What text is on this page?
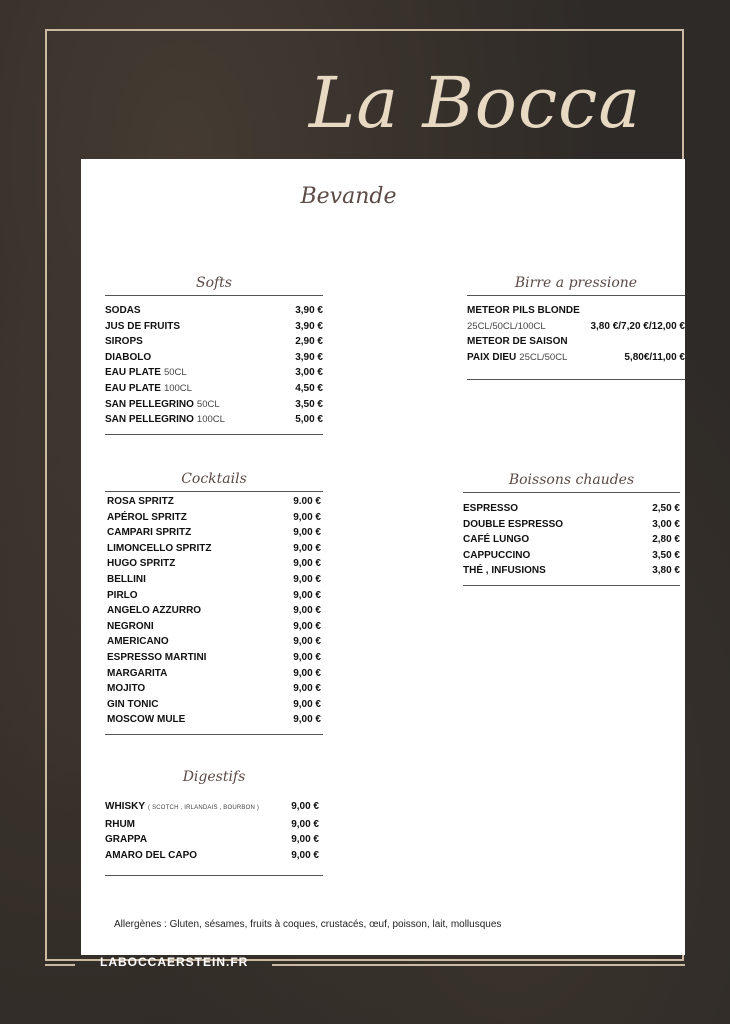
La Bocca
Bevande
Softs
SODAS	3,90 €
JUS DE FRUITS	3,90 €
SIROPS	2,90 €
DIABOLO	3,90 €
EAU PLATE 50CL	3,00 €
EAU PLATE 100CL	4,50 €
SAN PELLEGRINO 50CL	3,50 €
SAN PELLEGRINO 100CL	5,00 €
Birre a pressione
METEOR PILS BLONDE
25CL/50CL/100CL	3,80 €/7,20 €/12,00 €
METEOR DE SAISON
PAIX DIEU 25CL/50CL	5,80€/11,00 €
Cocktails
ROSA SPRITZ	9.00 €
APÉROL SPRITZ	9,00 €
CAMPARI SPRITZ	9,00 €
LIMONCELLO SPRITZ	9,00 €
HUGO SPRITZ	9,00 €
BELLINI	9,00 €
PIRLO	9,00 €
ANGELO AZZURRO	9,00 €
NEGRONI	9,00 €
AMERICANO	9,00 €
ESPRESSO MARTINI	9,00 €
MARGARITA	9,00 €
MOJITO	9,00 €
GIN TONIC	9,00 €
MOSCOW MULE	9,00 €
Boissons chaudes
ESPRESSO	2,50 €
DOUBLE ESPRESSO	3,00 €
CAFÉ LUNGO	2,80 €
CAPPUCCINO	3,50 €
THÉ , INFUSIONS	3,80 €
Digestifs
WHISKY ( SCOTCH , IRLANDAIS , BOURBON )	9,00 €
RHUM	9,00 €
GRAPPA	9,00 €
AMARO DEL CAPO	9,00 €
Allergènes : Gluten, sésames, fruits à coques, crustacés, œuf, poisson, lait, mollusques
LABOCCAERSTEIN.FR
